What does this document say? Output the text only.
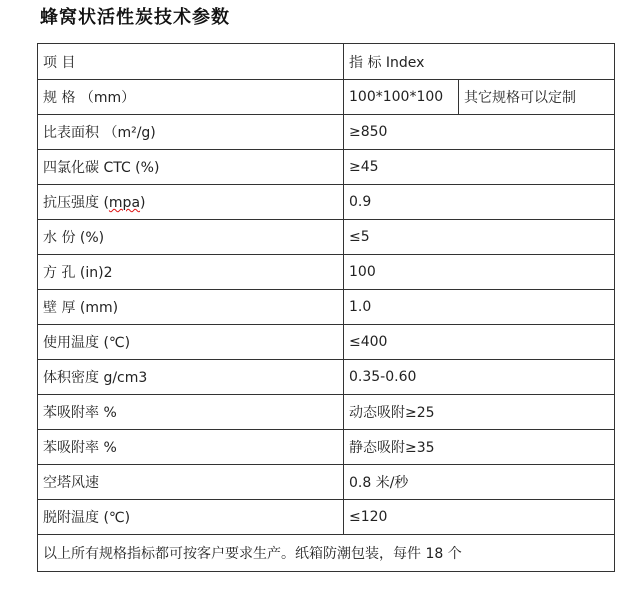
蜂窝状活性炭技术参数
项 目	指 标 Index	
规 格 （mm）	100*100*100	其它规格可以定制
比表面积 （m²/g)	≥850	
四氯化碳 CTC (%)	≥45	
抗压强度 (mpa)	0.9	
水 份 (%)	≤5	
方 孔 (in)2	100	
壁 厚 (mm)	1.0	
使用温度 (℃)	≤400	
体积密度 g/cm3	0.35-0.60	
苯吸附率 %	动态吸附≥25	
苯吸附率 %	静态吸附≥35	
空塔风速	0.8 米/秒	
脱附温度 (℃)	≤120	
以上所有规格指标都可按客户要求生产。纸箱防潮包装，每件 18 个		
